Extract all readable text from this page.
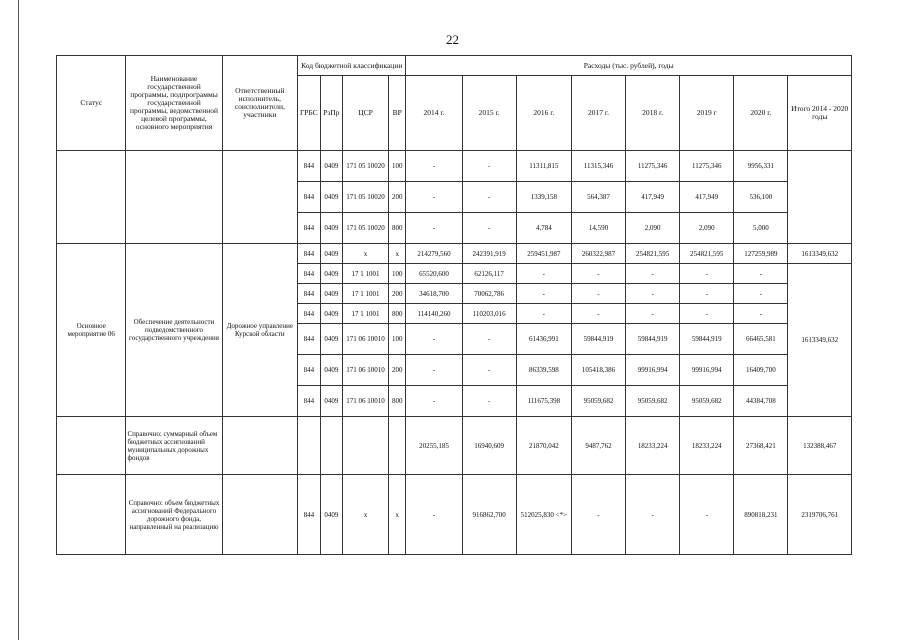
22
Статус	Наименование государственной программы, подпрограммы государственной программы, ведомственной целевой программы, основного мероприятия	Ответственный исполнитель, соисполнители, участники	Код бюджетной классификации				Расходы (тыс. рублей), годы							
			ГРБС	РзПр	ЦСР	ВР	2014 г.	2015 г.	2016 г.	2017 г.	2018 г.	2019 г	2020 г.	Итого 2014 - 2020 годы
			844	0409	171 05 10020	100	-	-	11311,815	11315,346	11275,346	11275,346	9956,331	
			844	0409	171 05 10020	200	-	-	1339,158	564,387	417,949	417,949	536,100	
			844	0409	171 05 10020	800	-	-	4,784	14,590	2,090	2,090	5,000	
Основное мероприятие 06	Обеспечение деятельности подведомственного государственного учреждения	Дорожное управление Курской области	844	0409	х	х	214279,560	242391,919	259451,987	260322,987	254821,595	254821,595	127259,989	1613349,632
			844	0409	17 1 1001	100	65520,600	62126,117	-	-	-	-	-	1613349,632
			844	0409	17 1 1001	200	34618,700	70062,786	-	-	-	-	-	
			844	0409	17 1 1001	800	114140,260	110203,016	-	-	-	-	-	
			844	0409	171 06 10010	100	-	-	61436,991	59844,919	59844,919	59844,919	66465,581	
			844	0409	171 06 10010	200	-	-	86339,598	105418,386	99916,994	99916,994	16409,700	
			844	0409	171 06 10010	800	-	-	111675,398	95059,682	95059,682	95059,682	44384,708	
	Справочно: суммарный объем бюджетных ассигнований муниципальных дорожных фондов						20255,185	16940,609	21870,042	9487,762	18233,224	18233,224	27368,421	132388,467
	Справочно: объем бюджетных ассигнований Федерального дорожного фонда, направленный на реализацию		844	0409	х	х	-	916862,700	512025,830 <*>	-	-	-	890818,231	2319706,761
